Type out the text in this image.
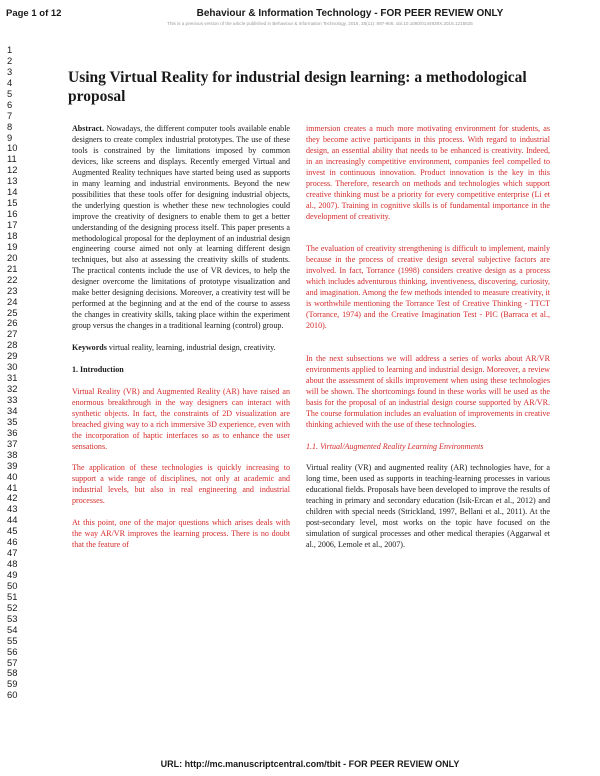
Page 1 of 12	Behaviour & Information Technology - FOR PEER REVIEW ONLY
This is a previous version of the article published in Behaviour & Information Technology. 2016, 35(11): 897-906. doi:10.1080/0144929X.2016.1215525
1
2
3
4
5
6
7
8
9
10
11
12
13
14
15
16
17
18
19
20
21
22
23
24
25
26
27
28
29
30
31
32
33
34
35
36
37
38
39
40
41
42
43
44
45
46
47
48
49
50
51
52
53
54
55
56
57
58
59
60
Using Virtual Reality for industrial design learning: a methodological proposal

Abstract. Nowadays, the different computer tools available enable designers to create complex industrial prototypes. The use of these tools is constrained by the limitations imposed by common devices, like screens and displays. Recently emerged Virtual and Augmented Reality techniques have started being used as supports in many learning and industrial environments. Beyond the new possibilities that these tools offer for designing industrial objects, the underlying question is whether these new technologies could improve the creativity of designers to enable them to get a better understanding of the designing process itself. This paper presents a methodological proposal for the deployment of an industrial design engineering course aimed not only at learning different design techniques, but also at assessing the creativity skills of students. The practical contents include the use of VR devices, to help the designer overcome the limitations of prototype visualization and make better designing decisions. Moreover, a creativity test will be performed at the beginning and at the end of the course to assess the changes in creativity skills, taking place within the experiment group versus the changes in a traditional learning (control) group.

Keywords virtual reality, learning, industrial design, creativity.

1. Introduction

Virtual Reality (VR) and Augmented Reality (AR) have raised an enormous breakthrough in the way designers can interact with synthetic objects. In fact, the constraints of 2D visualization are breached giving way to a rich immersive 3D experience, even with the incorporation of haptic interfaces so as to enhance the user sensations.

The application of these technologies is quickly increasing to support a wide range of disciplines, not only at academic and industrial levels, but also in real engineering and industrial processes.

At this point, one of the major questions which arises deals with the way AR/VR improves the learning process. There is no doubt that the feature of

immersion creates a much more motivating environment for students, as they become active participants in this process. With regard to industrial design, an essential ability that needs to be enhanced is creativity. Indeed, in an increasingly competitive environment, companies feel compelled to invest in continuous innovation. Product innovation is the key in this process. Therefore, research on methods and technologies which support creative thinking must be a priority for every competitive enterprise (Li et al., 2007). Training in cognitive skills is of fundamental importance in the development of creativity.

The evaluation of creativity strengthening is difficult to implement, mainly because in the process of creative design several subjective factors are involved. In fact, Torrance (1998) considers creative design as a process which includes adventurous thinking, inventiveness, discovering, curiosity, and imagination. Among the few methods intended to measure creativity, it is worthwhile mentioning the Torrance Test of Creative Thinking - TTCT (Torrance, 1974) and the Creative Imagination Test - PIC (Barraca et al., 2010).

In the next subsections we will address a series of works about AR/VR environments applied to learning and industrial design. Moreover, a review about the assessment of skills improvement when using these technologies will be shown. The shortcomings found in these works will be used as the basis for the proposal of an industrial design course supported by AR/VR. The course formulation includes an evaluation of improvements in creative thinking achieved with the use of these technologies.

1.1. Virtual/Augmented Reality Learning Environments

Virtual reality (VR) and augmented reality (AR) technologies have, for a long time, been used as supports in teaching-learning processes in various educational fields. Proposals have been developed to improve the results of teaching in primary and secondary education (Isik-Ercan et al., 2012) and children with special needs (Strickland, 1997, Bellani et al., 2011). At the post-secondary level, most works on the topic have focused on the simulation of surgical processes and other medical therapies (Aggarwal et al., 2006, Lemole et al., 2007).

URL: http://mc.manuscriptcentral.com/tbit - FOR PEER REVIEW ONLY
